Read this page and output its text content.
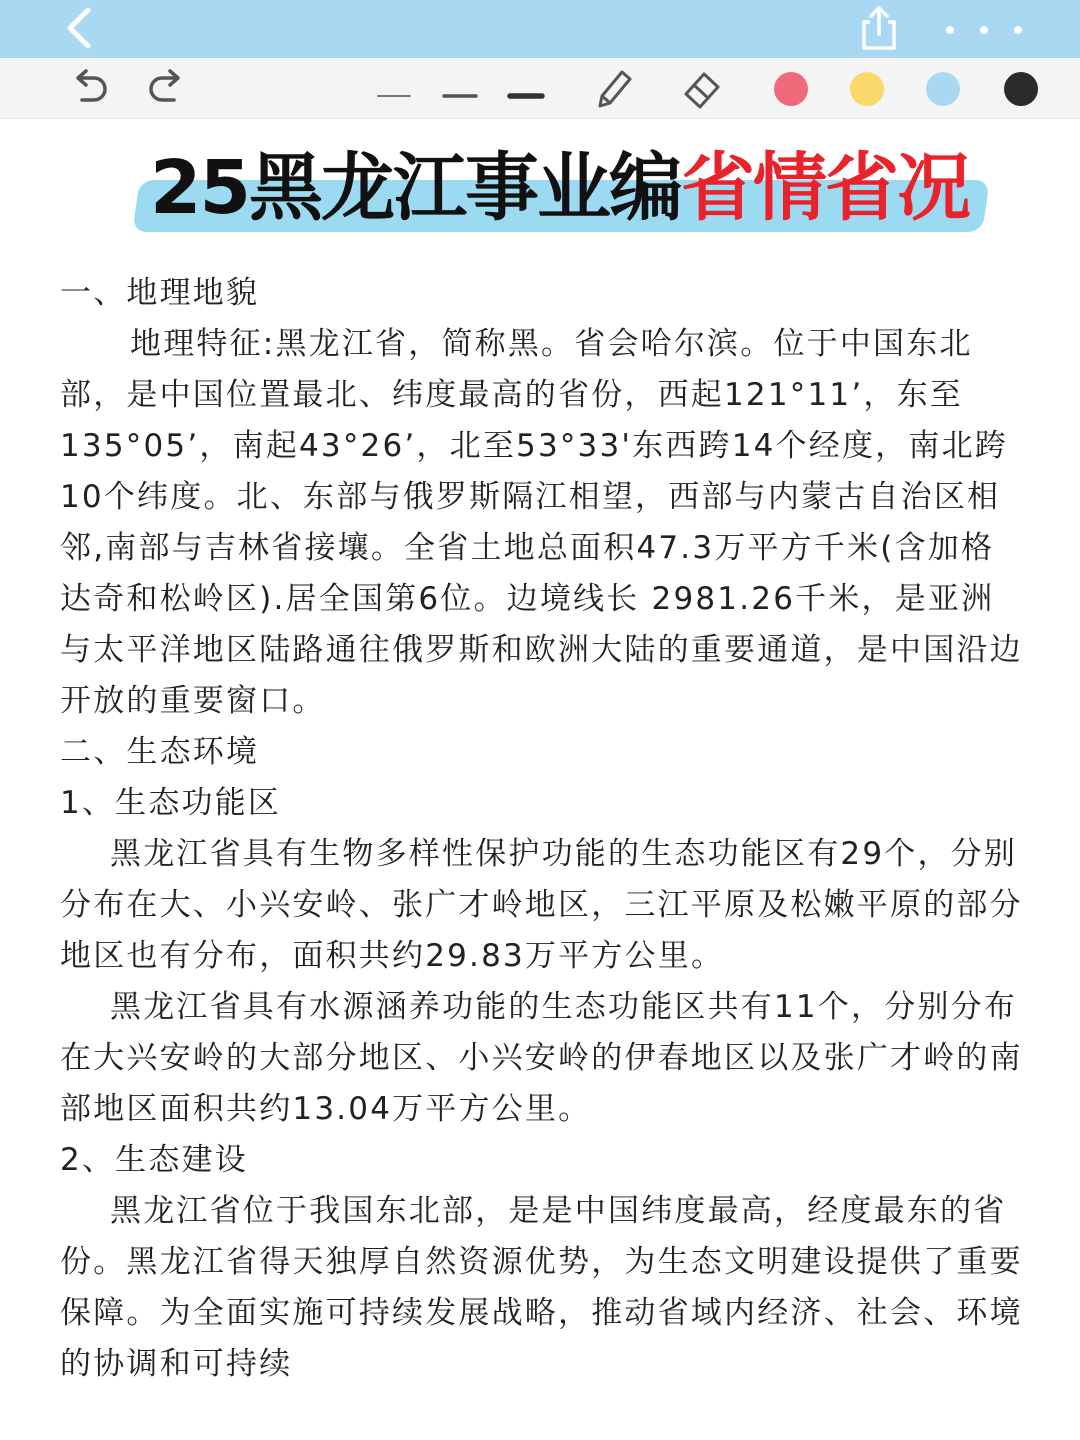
25黑龙江事业编省情省况

一、地理地貌

地理特征:黑龙江省，简称黑。省会哈尔滨。位于中国东北部，是中国位置最北、纬度最高的省份，西起121°11’，东至135°05’，南起43°26’，北至53°33'东西跨14个经度，南北跨10个纬度。北、东部与俄罗斯隔江相望，西部与内蒙古自治区相邻,南部与吉林省接壤。全省土地总面积47.3万平方千米(含加格达奇和松岭区).居全国第6位。边境线长 2981.26千米，是亚洲与太平洋地区陆路通往俄罗斯和欧洲大陆的重要通道，是中国沿边开放的重要窗口。

二、生态环境

1、生态功能区

黑龙江省具有生物多样性保护功能的生态功能区有29个，分别分布在大、小兴安岭、张广才岭地区，三江平原及松嫩平原的部分地区也有分布，面积共约29.83万平方公里。

黑龙江省具有水源涵养功能的生态功能区共有11个，分别分布在大兴安岭的大部分地区、小兴安岭的伊春地区以及张广才岭的南部地区面积共约13.04万平方公里。

2、生态建设

黑龙江省位于我国东北部，是是中国纬度最高，经度最东的省份。黑龙江省得天独厚自然资源优势，为生态文明建设提供了重要保障。为全面实施可持续发展战略，推动省域内经济、社会、环境的协调和可持续
